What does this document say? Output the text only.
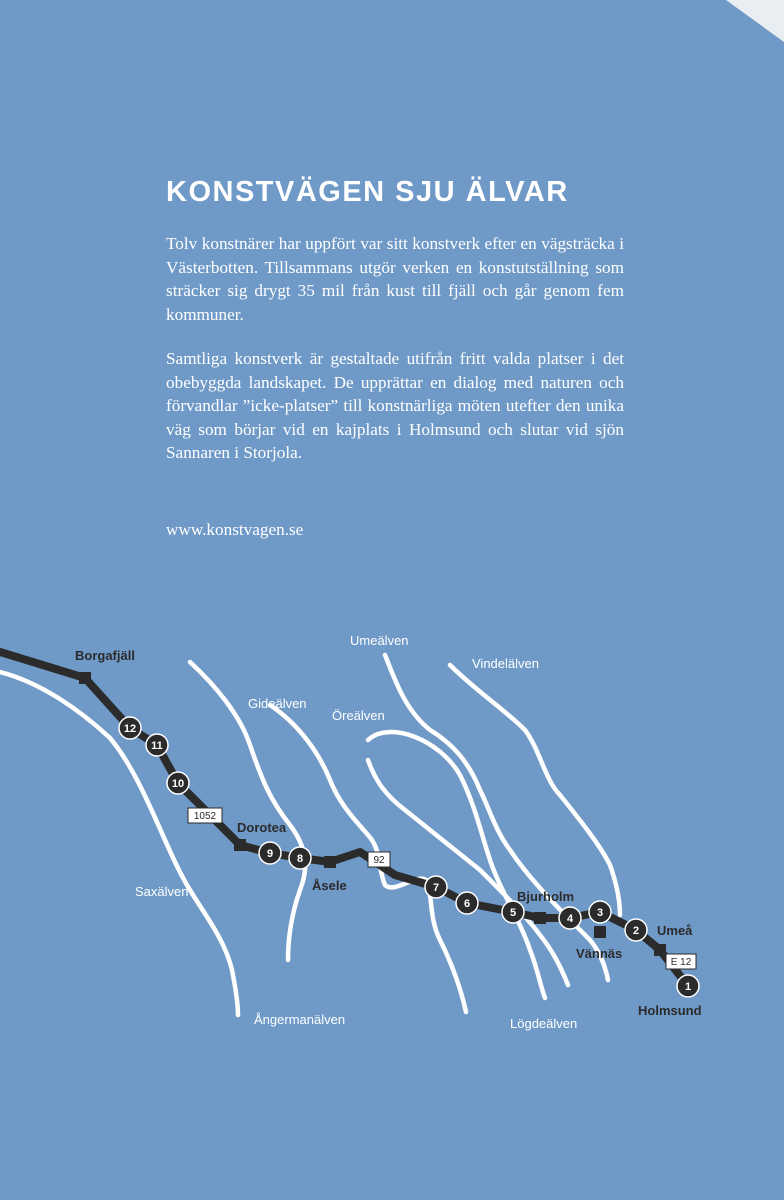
KONSTVÄGEN SJU ÄLVAR

Tolv konstnärer har uppfört var sitt konstverk efter en vägsträcka i Västerbotten. Tillsammans utgör verken en konstutställning som sträcker sig drygt 35 mil från kust till fjäll och går genom fem kommuner.

Samtliga konstverk är gestaltade utifrån fritt valda platser i det obebyggda landskapet. De upprättar en dialog med naturen och förvandlar ”icke-platser” till konstnärliga möten utefter den unika väg som börjar vid en kajplats i Holmsund och slutar vid sjön Sannaren i Storjola.

www.konstvagen.se
12
11
10
9 8
7
6
5	4 3
2
1
1052
92
E 12
Borgafjäll
Dorotea
Åsele
Bjurholm
Vännäs
Umeå
Holmsund
Umeälven
Vindelälven
Gideälven
Öreälven
Saxälven
Ångermanälven	Lögdeälven
